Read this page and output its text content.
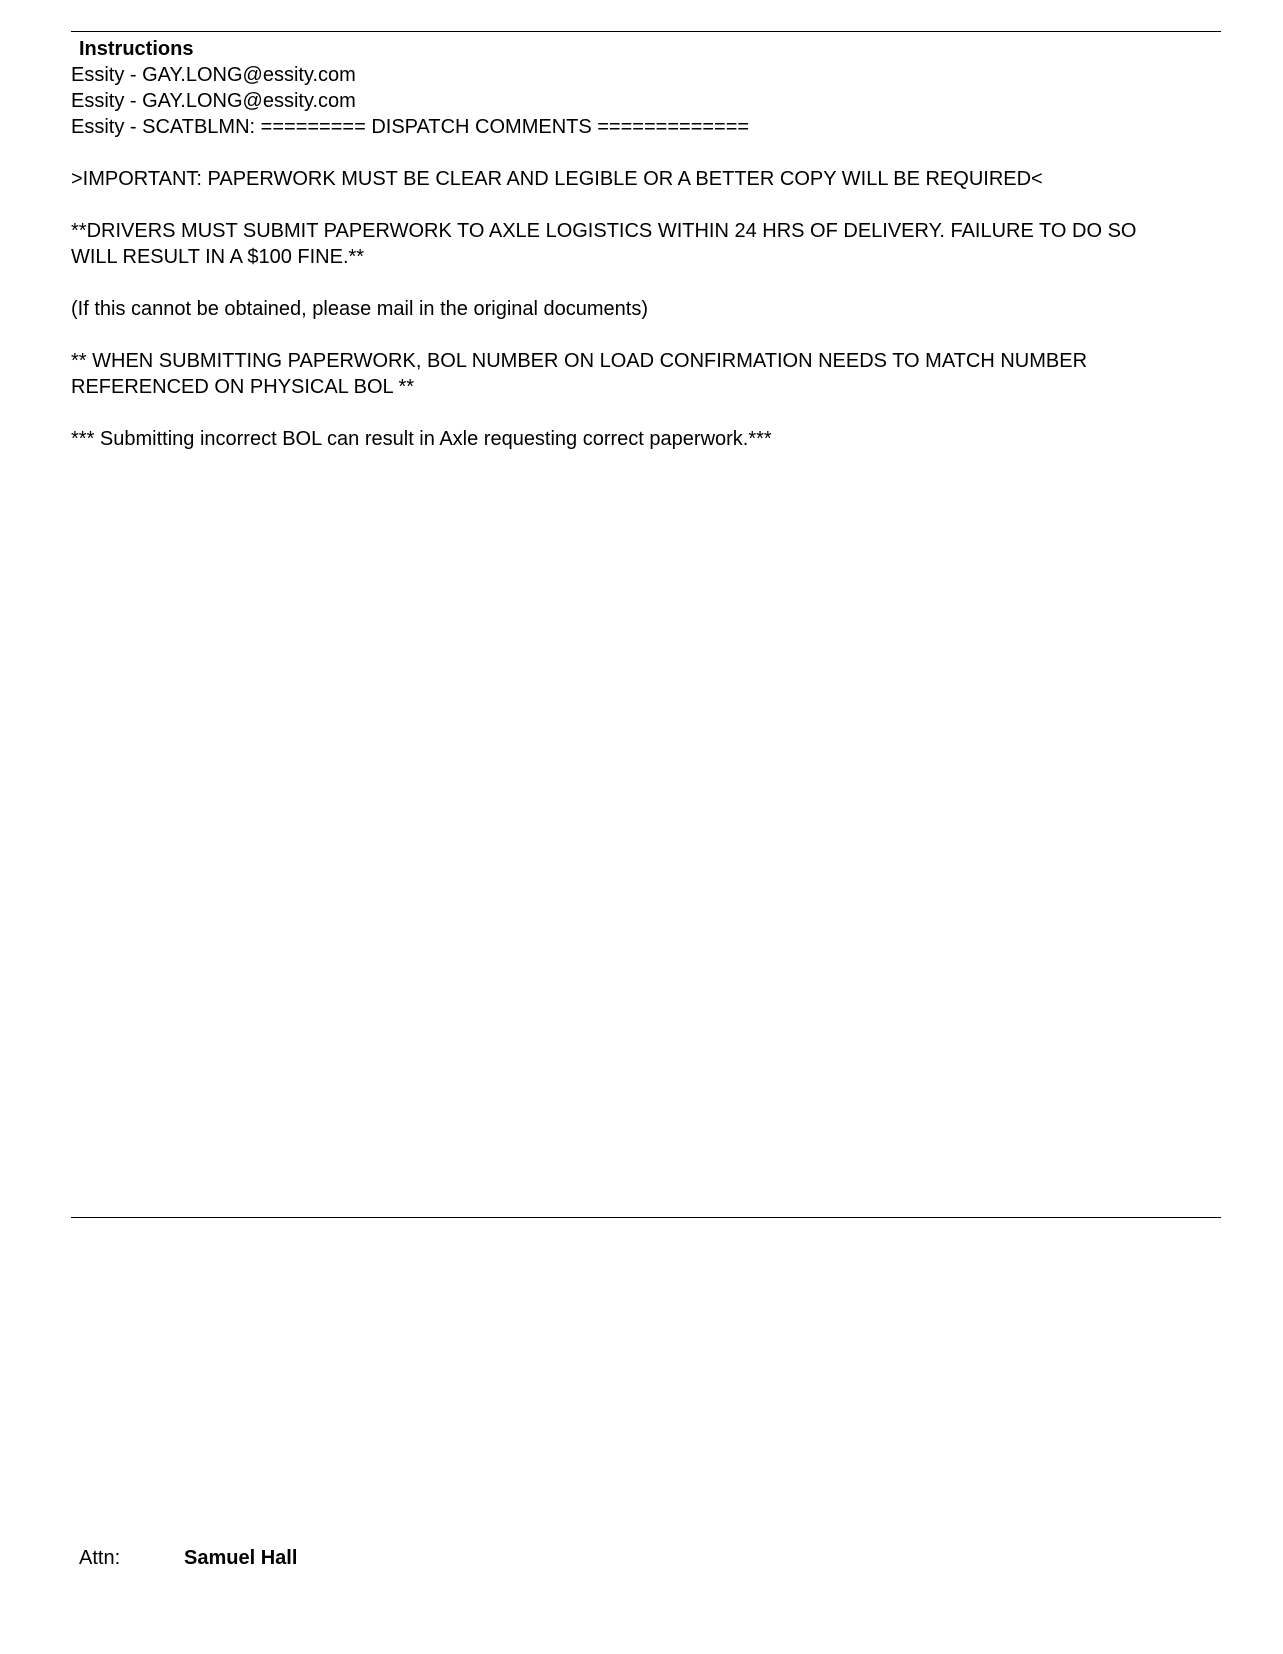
Instructions
Essity - GAY.LONG@essity.com
Essity - GAY.LONG@essity.com
Essity - SCATBLMN: ========= DISPATCH COMMENTS =============
>IMPORTANT: PAPERWORK MUST BE CLEAR AND LEGIBLE OR A BETTER COPY WILL BE REQUIRED<
**DRIVERS MUST SUBMIT PAPERWORK TO AXLE LOGISTICS WITHIN 24 HRS OF DELIVERY. FAILURE TO DO SO WILL RESULT IN A $100 FINE.**
(If this cannot be obtained, please mail in the original documents)
** WHEN SUBMITTING PAPERWORK, BOL NUMBER ON LOAD CONFIRMATION NEEDS TO MATCH NUMBER REFERENCED ON PHYSICAL BOL **
*** Submitting incorrect BOL can result in Axle requesting correct paperwork.***
Attn:	Samuel Hall
